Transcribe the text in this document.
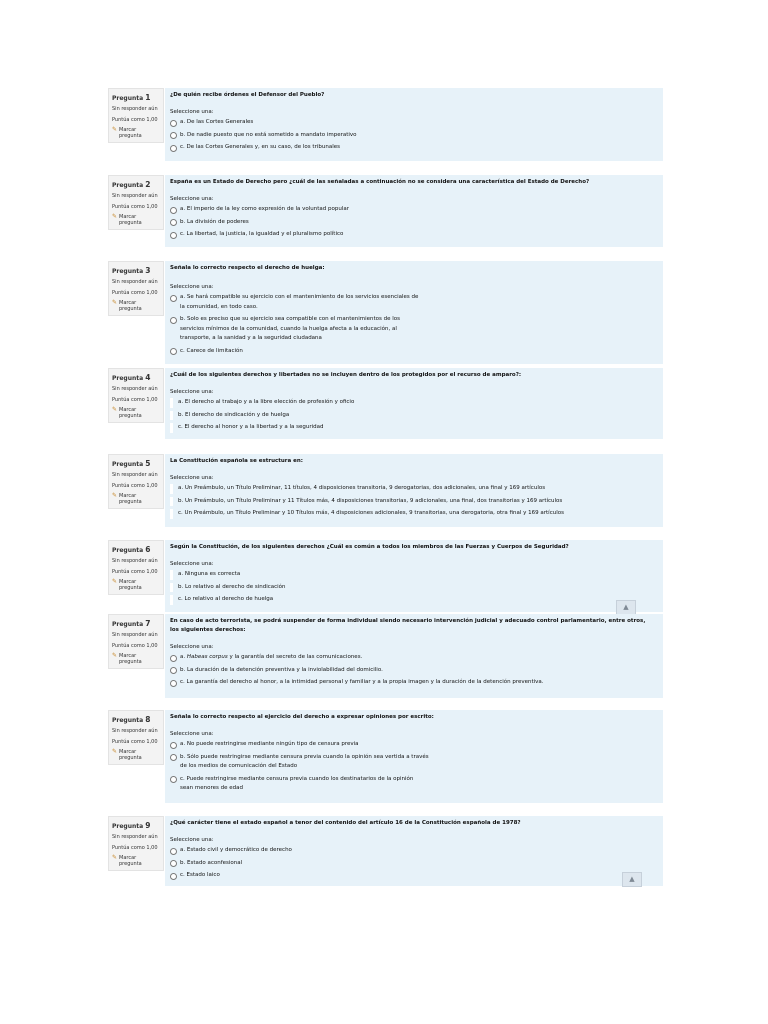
Pregunta 1
Sin responder aún
Puntúa como 1,00
✎ Marcar pregunta
¿De quién recibe órdenes el Defensor del Pueblo?
Seleccione una:
a. De las Cortes Generales
b. De nadie puesto que no está sometido a mandato imperativo
c. De las Cortes Generales y, en su caso, de los tribunales
Pregunta 2
Sin responder aún
Puntúa como 1,00
✎ Marcar pregunta
España es un Estado de Derecho pero ¿cuál de las señaladas a continuación no se considera una característica del Estado de Derecho?
Seleccione una:
a. El imperio de la ley como expresión de la voluntad popular
b. La división de poderes
c. La libertad, la justicia, la igualdad y el pluralismo político
Pregunta 3
Sin responder aún
Puntúa como 1,00
✎ Marcar pregunta
Señala lo correcto respecto el derecho de huelga:
Seleccione una:
a. Se hará compatible su ejercicio con el mantenimiento de los servicios esenciales de la comunidad, en todo caso.
b. Solo es preciso que su ejercicio sea compatible con el mantenimientos de los servicios mínimos de la comunidad, cuando la huelga afecta a la educación, al transporte, a la sanidad y a la seguridad ciudadana
c. Carece de limitación
Pregunta 4
Sin responder aún
Puntúa como 1,00
✎ Marcar pregunta
¿Cuál de los siguientes derechos y libertades no se incluyen dentro de los protegidos por el recurso de amparo?:
Seleccione una:
a. El derecho al trabajo y a la libre elección de profesión y oficio
b. El derecho de sindicación y de huelga
c. El derecho al honor y a la libertad y a la seguridad
Pregunta 5
Sin responder aún
Puntúa como 1,00
✎ Marcar pregunta
La Constitución española se estructura en:
Seleccione una:
a. Un Preámbulo, un Título Preliminar, 11 títulos, 4 disposiciones transitoria, 9 derogatorias, dos adicionales, una final y 169 artículos
b. Un Preámbulo, un Título Preliminar y 11 Títulos más, 4 disposiciones transitorias, 9 adicionales, una final, dos transitorias y 169 artículos
c. Un Preámbulo, un Título Preliminar y 10 Títulos más, 4 disposiciones adicionales, 9 transitorias, una derogatoria, otra final y 169 artículos
Pregunta 6
Sin responder aún
Puntúa como 1,00
✎ Marcar pregunta
Según la Constitución, de los siguientes derechos ¿Cuál es común a todos los miembros de las Fuerzas y Cuerpos de Seguridad?
Seleccione una:
a. Ninguna es correcta
b. Lo relativo al derecho de sindicación
c. Lo relativo al derecho de huelga
▲
Pregunta 7
Sin responder aún
Puntúa como 1,00
✎ Marcar pregunta
En caso de acto terrorista, se podrá suspender de forma individual siendo necesario intervención judicial y adecuado control parlamentario, entre otros, los siguientes derechos:
Seleccione una:
a. Habeas corpus y la garantía del secreto de las comunicaciones.
b. La duración de la detención preventiva y la inviolabilidad del domicilio.
c. La garantía del derecho al honor, a la intimidad personal y familiar y a la propia imagen y la duración de la detención preventiva.
Pregunta 8
Sin responder aún
Puntúa como 1,00
✎ Marcar pregunta
Señala lo correcto respecto al ejercicio del derecho a expresar opiniones por escrito:
Seleccione una:
a. No puede restringirse mediante ningún tipo de censura previa
b. Sólo puede restringirse mediante censura previa cuando la opinión sea vertida a través de los medios de comunicación del Estado
c. Puede restringirse mediante censura previa cuando los destinatarios de la opinión sean menores de edad
Pregunta 9
Sin responder aún
Puntúa como 1,00
✎ Marcar pregunta
¿Qué carácter tiene el estado español a tenor del contenido del artículo 16 de la Constitución española de 1978?
Seleccione una:
a. Estado civil y democrático de derecho
b. Estado aconfesional
c. Estado laico	▲
